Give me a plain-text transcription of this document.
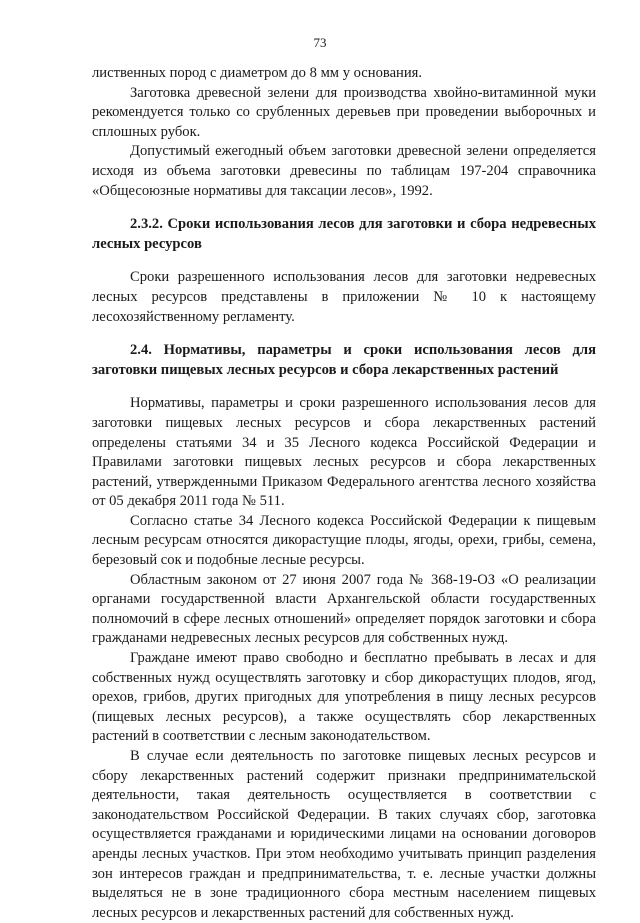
73

лиственных пород с диаметром до 8 мм у основания.

Заготовка древесной зелени для производства хвойно-витаминной муки рекомендуется только со срубленных деревьев при проведении выборочных и сплошных рубок.

Допустимый ежегодный объем заготовки древесной зелени определяется исходя из объема заготовки древесины по таблицам 197-204 справочника «Общесоюзные нормативы для таксации лесов», 1992.

2.3.2. Сроки использования лесов для заготовки и сбора недревесных лесных ресурсов

Сроки разрешенного использования лесов для заготовки недревесных лесных ресурсов представлены в приложении № 10 к настоящему лесохозяйственному регламенту.

2.4. Нормативы, параметры и сроки использования лесов для заготовки пищевых лесных ресурсов и сбора лекарственных растений

Нормативы, параметры и сроки разрешенного использования лесов для заготовки пищевых лесных ресурсов и сбора лекарственных растений определены статьями 34 и 35 Лесного кодекса Российской Федерации и Правилами заготовки пищевых лесных ресурсов и сбора лекарственных растений, утвержденными Приказом Федерального агентства лесного хозяйства от 05 декабря 2011 года № 511.

Согласно статье 34 Лесного кодекса Российской Федерации к пищевым лесным ресурсам относятся дикорастущие плоды, ягоды, орехи, грибы, семена, березовый сок и подобные лесные ресурсы.

Областным законом от 27 июня 2007 года № 368-19-ОЗ «О реализации органами государственной власти Архангельской области государственных полномочий в сфере лесных отношений» определяет порядок заготовки и сбора гражданами недревесных лесных ресурсов для собственных нужд.

Граждане имеют право свободно и бесплатно пребывать в лесах и для собственных нужд осуществлять заготовку и сбор дикорастущих плодов, ягод, орехов, грибов, других пригодных для употребления в пищу лесных ресурсов (пищевых лесных ресурсов), а также осуществлять сбор лекарственных растений в соответствии с лесным законодательством.

В случае если деятельность по заготовке пищевых лесных ресурсов и сбору лекарственных растений содержит признаки предпринимательской деятельности, такая деятельность осуществляется в соответствии с законодательством Российской Федерации. В таких случаях сбор, заготовка осуществляется гражданами и юридическими лицами на основании договоров аренды лесных участков. При этом необходимо учитывать принцип разделения зон интересов граждан и предпринимательства, т. е. лесные участки должны выделяться не в зоне традиционного сбора местным населением пищевых лесных ресурсов и лекарственных растений для собственных нужд.
